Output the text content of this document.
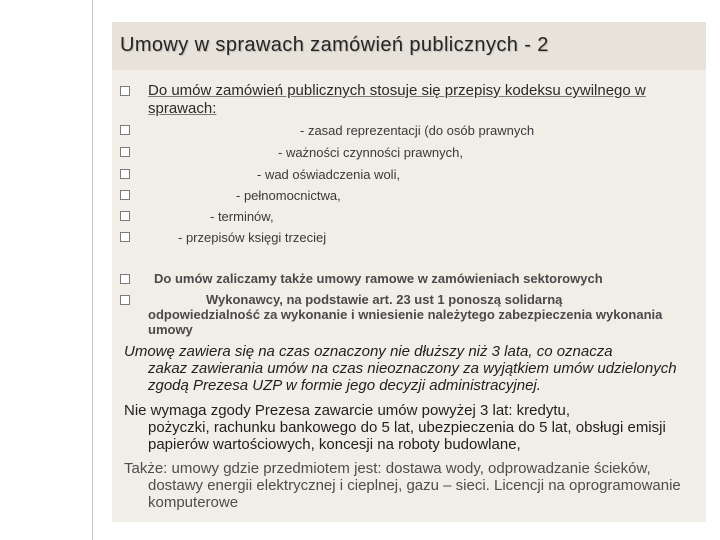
Umowy w sprawach zamówień publicznych - 2
Do umów zamówień publicznych stosuje się przepisy kodeksu cywilnego w sprawach:
- zasad reprezentacji (do osób prawnych
- ważności czynności prawnych,
- wad oświadczenia woli,
- pełnomocnictwa,
- terminów,
- przepisów księgi trzeciej
Do umów zaliczamy także umowy ramowe w zamówieniach sektorowych
Wykonawcy, na podstawie art. 23 ust 1 ponoszą solidarną odpowiedzialność za wykonanie i wniesienie należytego zabezpieczenia wykonania umowy
Umowę zawiera się na czas oznaczony nie dłuższy niż 3 lata, co oznacza
zakaz zawierania umów na czas nieoznaczony za wyjątkiem umów udzielonych zgodą Prezesa UZP w formie jego decyzji administracyjnej.
Nie wymaga zgody Prezesa zawarcie umów powyżej 3 lat: kredytu,
pożyczki, rachunku bankowego do 5 lat, ubezpieczenia do 5 lat, obsługi emisji papierów wartościowych, koncesji na roboty budowlane,
Także: umowy gdzie przedmiotem jest: dostawa wody, odprowadzanie ścieków,
dostawy energii elektrycznej i cieplnej, gazu – sieci. Licencji na oprogramowanie komputerowe
